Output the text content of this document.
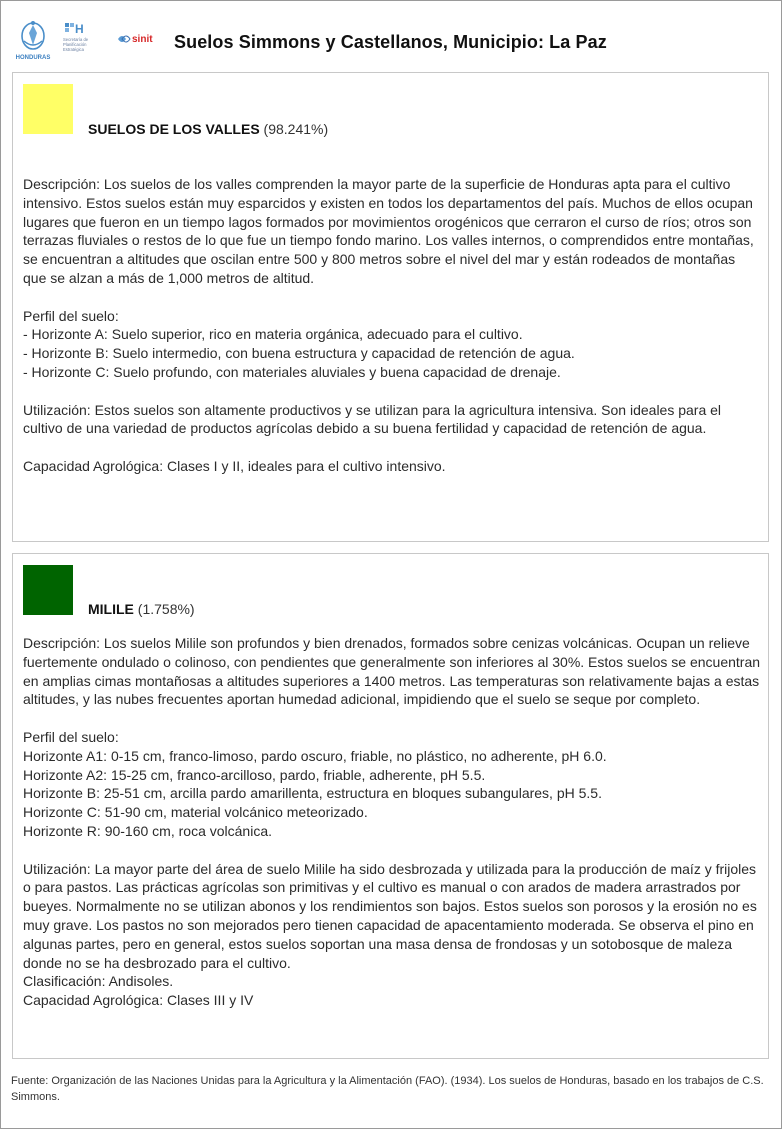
HONDURAS
H
Secretaría de
Planificación
Estratégica
sinit Suelos Simmons y Castellanos, Municipio: La Paz
SUELOS DE LOS VALLES (98.241%)

Descripción: Los suelos de los valles comprenden la mayor parte de la superficie de Honduras apta para el cultivo intensivo. Estos suelos están muy esparcidos y existen en todos los departamentos del país. Muchos de ellos ocupan lugares que fueron en un tiempo lagos formados por movimientos orogénicos que cerraron el curso de ríos; otros son terrazas fluviales o restos de lo que fue un tiempo fondo marino. Los valles internos, o comprendidos entre montañas, se encuentran a altitudes que oscilan entre 500 y 800 metros sobre el nivel del mar y están rodeados de montañas que se alzan a más de 1,000 metros de altitud.

Perfil del suelo:
- Horizonte A: Suelo superior, rico en materia orgánica, adecuado para el cultivo.
- Horizonte B: Suelo intermedio, con buena estructura y capacidad de retención de agua.
- Horizonte C: Suelo profundo, con materiales aluviales y buena capacidad de drenaje.

Utilización: Estos suelos son altamente productivos y se utilizan para la agricultura intensiva. Son ideales para el cultivo de una variedad de productos agrícolas debido a su buena fertilidad y capacidad de retención de agua.

Capacidad Agrológica: Clases I y II, ideales para el cultivo intensivo.

MILILE (1.758%)

Descripción: Los suelos Milile son profundos y bien drenados, formados sobre cenizas volcánicas. Ocupan un relieve fuertemente ondulado o colinoso, con pendientes que generalmente son inferiores al 30%. Estos suelos se encuentran en amplias cimas montañosas a altitudes superiores a 1400 metros. Las temperaturas son relativamente bajas a estas altitudes, y las nubes frecuentes aportan humedad adicional, impidiendo que el suelo se seque por completo.

Perfil del suelo:
Horizonte A1: 0-15 cm, franco-limoso, pardo oscuro, friable, no plástico, no adherente, pH 6.0.
Horizonte A2: 15-25 cm, franco-arcilloso, pardo, friable, adherente, pH 5.5.
Horizonte B: 25-51 cm, arcilla pardo amarillenta, estructura en bloques subangulares, pH 5.5.
Horizonte C: 51-90 cm, material volcánico meteorizado.
Horizonte R: 90-160 cm, roca volcánica.

Utilización: La mayor parte del área de suelo Milile ha sido desbrozada y utilizada para la producción de maíz y frijoles o para pastos. Las prácticas agrícolas son primitivas y el cultivo es manual o con arados de madera arrastrados por bueyes. Normalmente no se utilizan abonos y los rendimientos son bajos. Estos suelos son porosos y la erosión no es muy grave. Los pastos no son mejorados pero tienen capacidad de apacentamiento moderada. Se observa el pino en algunas partes, pero en general, estos suelos soportan una masa densa de frondosas y un sotobosque de maleza donde no se ha desbrozado para el cultivo.
Clasificación: Andisoles.
Capacidad Agrológica: Clases III y IV

Fuente: Organización de las Naciones Unidas para la Agricultura y la Alimentación (FAO). (1934). Los suelos de Honduras, basado en los trabajos de C.S. Simmons.
